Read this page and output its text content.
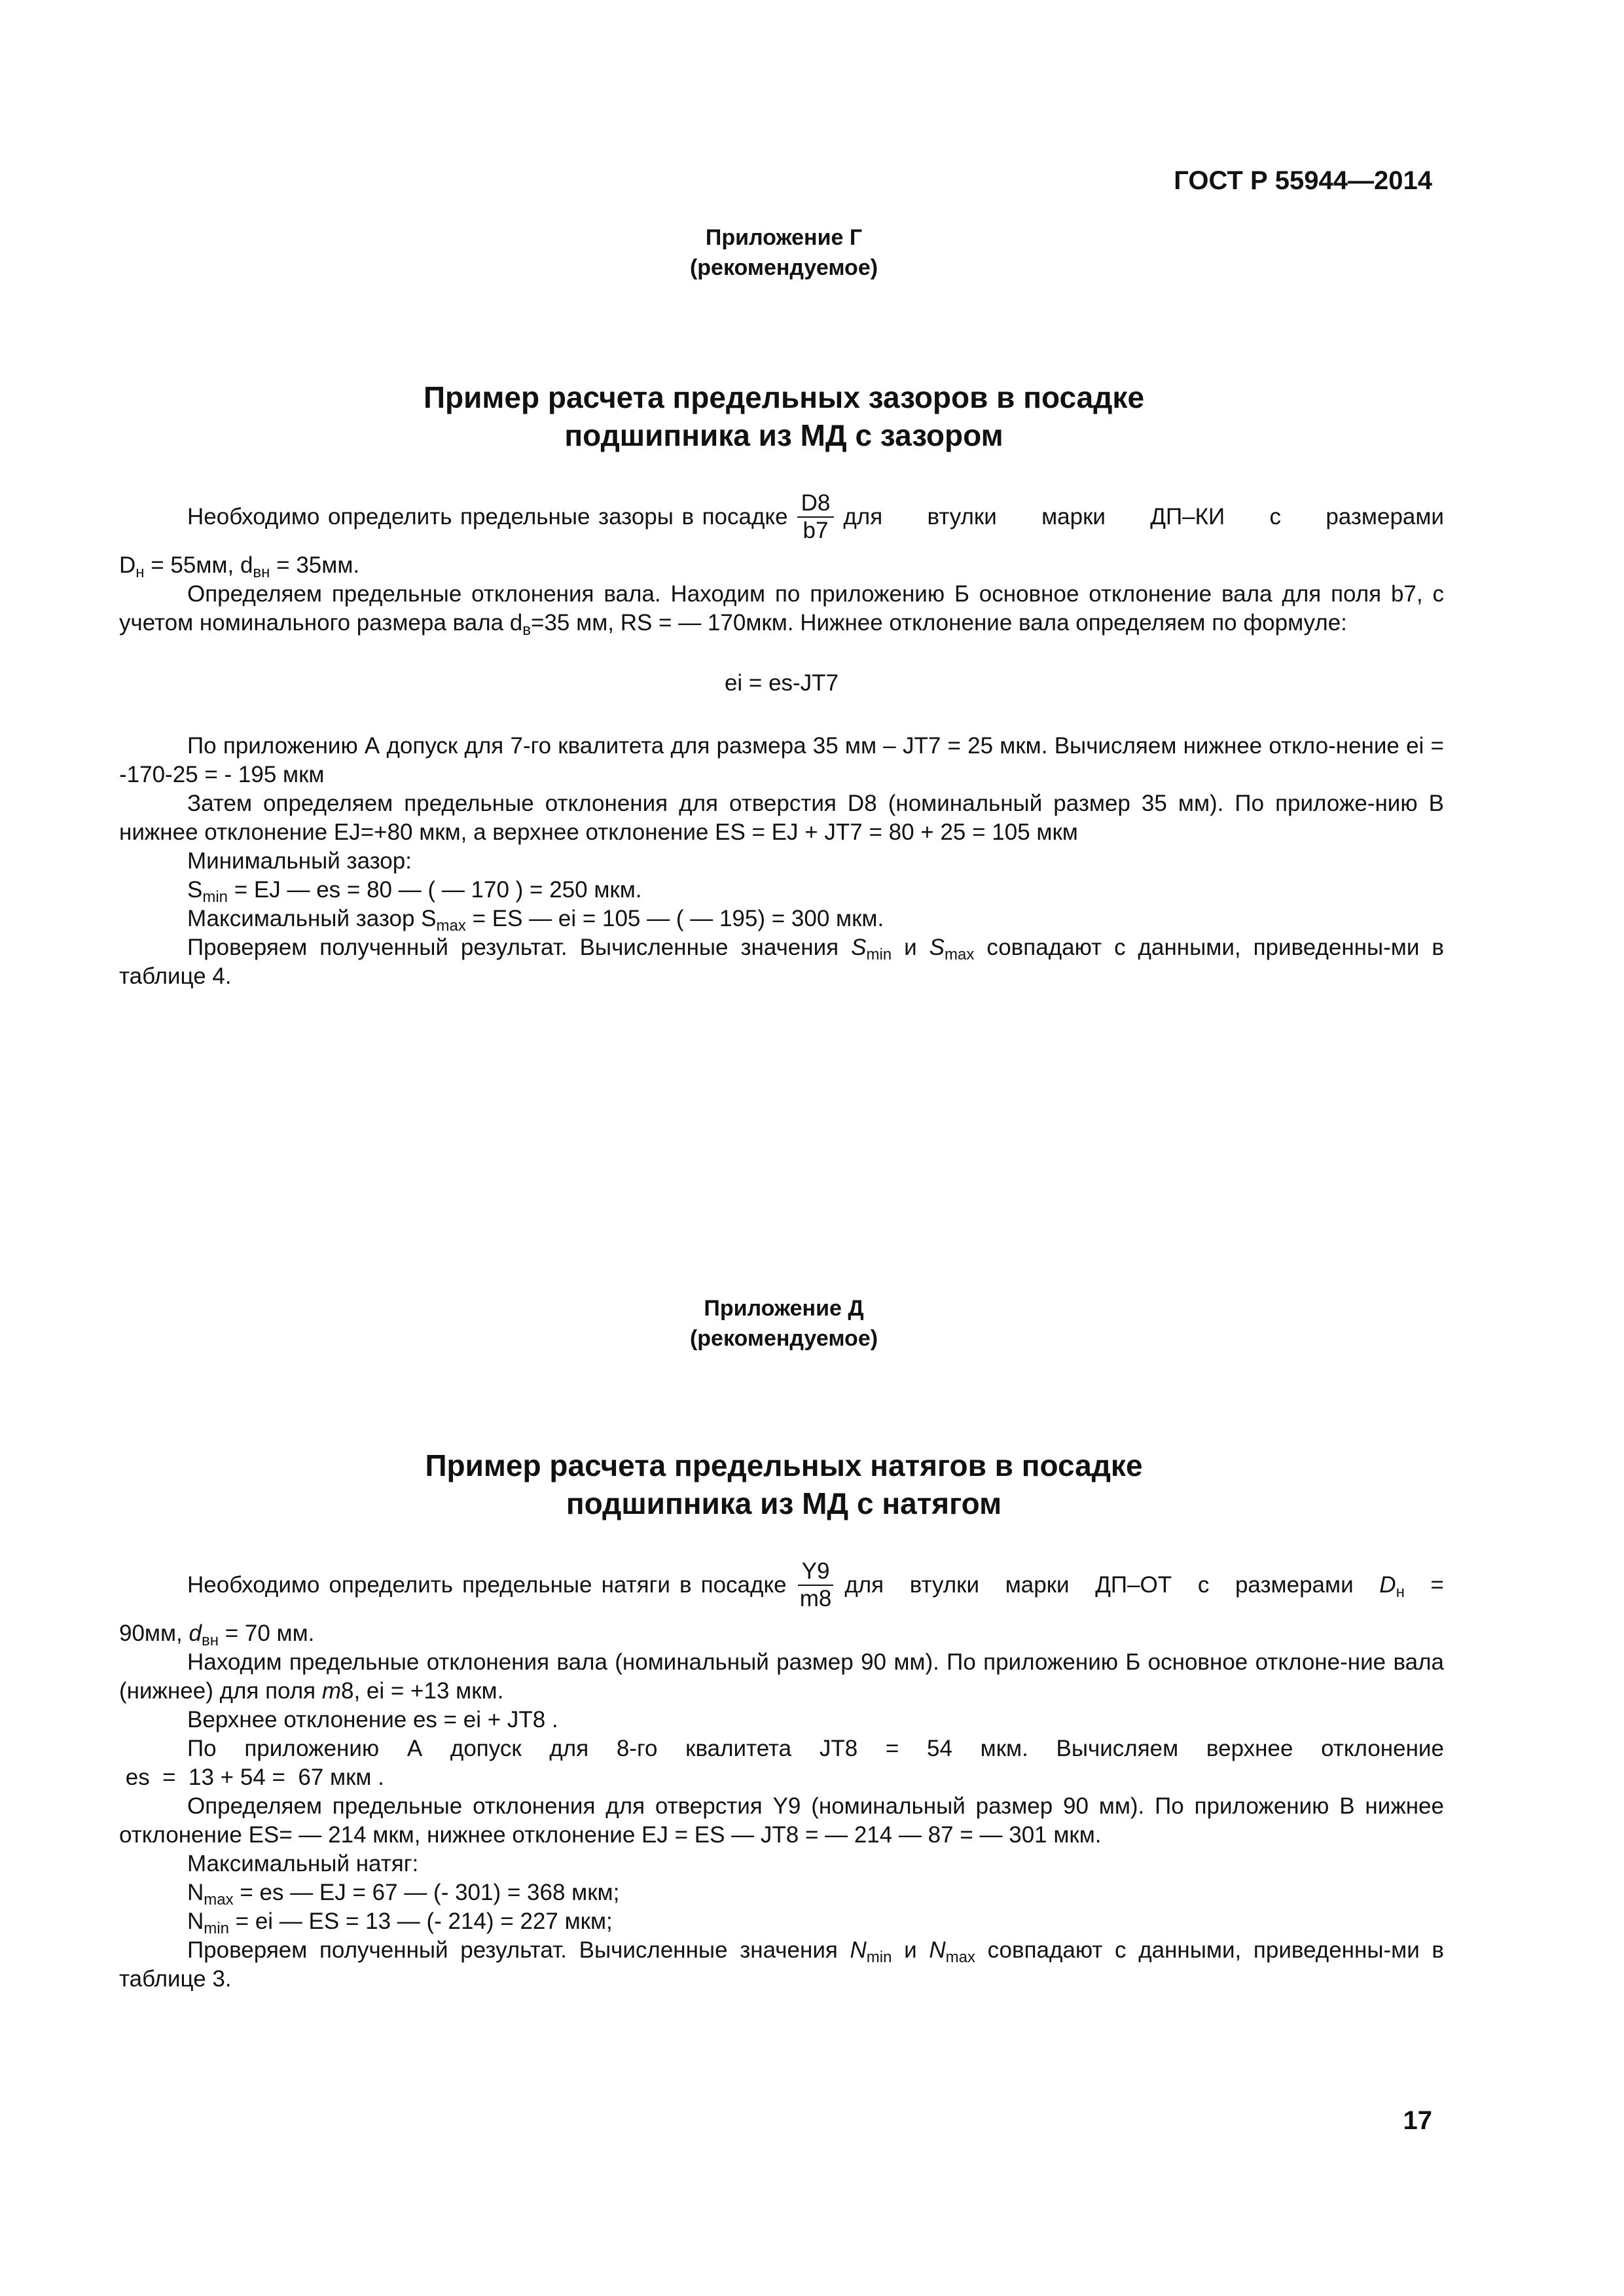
ГОСТ Р 55944—2014
Приложение Г
(рекомендуемое)
Пример расчета предельных зазоров в посадке
подшипника из МД с зазором
Необходимо определить предельные зазоры в посадке $\frac{D8}{b7}$ для втулки марки ДП–КИ с размерами

$D_н = 55мм$, $d_{вн} = 35мм$.

Определяем предельные отклонения вала. Находим по приложению Б основное отклонение вала для поля b7, с учетом номинального размера вала $d_в=35$ мм, RS = — 170мкм. Нижнее отклонение вала определяем по формуле:

ei = es-JT7

По приложению А допуск для 7-го квалитета для размера 35 мм – JT7 = 25 мкм. Вычисляем нижнее откло-нение ei = -170-25 = - 195 мкм

Затем определяем предельные отклонения для отверстия D8 (номинальный размер 35 мм). По приложе-нию В нижнее отклонение EJ=+80 мкм, а верхнее отклонение ES = EJ + JT7 = 80 + 25 = 105 мкм

Минимальный зазор:

$S_{min}$ = EJ — es = 80 — ( — 170 ) = 250 мкм.

Максимальный зазор $S_{max}$ = ES — ei = 105 — ( — 195) = 300 мкм.

Проверяем полученный результат. Вычисленные значения $S_{min}$ и $S_{max}$ совпадают с данными, приведенны-ми в таблице 4.

Приложение Д
(рекомендуемое)
Пример расчета предельных натягов в посадке
подшипника из МД с натягом
Необходимо определить предельные натяги в посадке $\frac{Y9}{m8}$ для втулки марки ДП–ОТ с размерами $D_н$ =

90мм, $d_{вн} = 70$ мм.

Находим предельные отклонения вала (номинальный размер 90 мм). По приложению Б основное отклоне-ние вала (нижнее) для поля m8, ei = +13 мкм.

Верхнее отклонение es = ei + JT8 .

По приложению А допуск для 8-го квалитета JT8 = 54 мкм. Вычисляем верхнее отклонение

es  =  13 + 54 =  67 мкм .

Определяем предельные отклонения для отверстия Y9 (номинальный размер 90 мм). По приложению В нижнее отклонение ES= — 214 мкм, нижнее отклонение EJ = ES — JT8 = — 214 — 87 = — 301 мкм.

Максимальный натяг:

$N_{max}$ = es — EJ = 67 — (- 301) = 368 мкм;

$N_{min}$ = ei — ES = 13 — (- 214) = 227 мкм;

Проверяем полученный результат. Вычисленные значения $N_{min}$ и $N_{max}$ совпадают с данными, приведенны-ми в таблице 3.

17
